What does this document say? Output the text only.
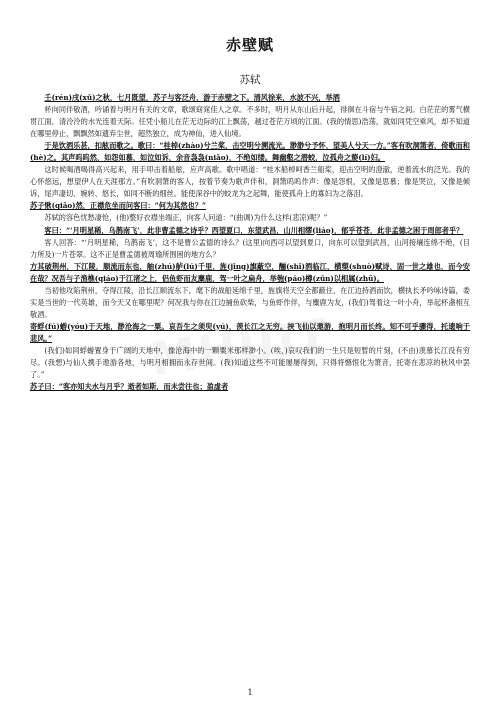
赤壁赋
苏轼

壬(rén)戌(xū)之秋，七月既望，苏子与客泛舟，游于赤壁之下。清风徐来，水波不兴，举酒

杯向同伴敬酒，吟诵着与明月有关的文章，歌颂窈窕佳人之章。不多时，明月从东山后升起，徘徊在斗宿与牛宿之间。白茫茫的雾气横贯江面，清泠泠的水光连着天际。任凭小船儿在茫无边际的江上飘荡，越过苍茫万顷的江面。(我的情思)浩荡，就如同凭空乘风，却不知道在哪里停止，飘飘然如遗弃尘世，超然独立，成为神仙，进入仙境。

于是饮酒乐甚，扣舷而歌之。歌曰：“桂棹(zhào)兮兰桨，击空明兮溯流光。渺渺兮予怀，望美人兮天一方。”客有吹洞箫者，倚歌而和(hè)之。其声呜呜然，如怨如慕，如泣如诉，余音袅袅(niǎo)，不绝如缕。舞幽壑之潜蛟，泣孤舟之嫠(lí)妇。

这时候喝酒喝得高兴起来，用手叩击着船舷，应声高歌。歌中唱道：“桂木船棹呵香兰船桨，迎击空明的澄澈，逆着流水的泛光。我的心怀悠远，想望伊人在天涯那方。”有吹洞箫的客人，按着节奏为歌声伴和，洞箫呜呜作声：像是怨恨，又像是思慕；像是哭泣，又像是倾诉，尾声凄切、婉转、悠长，如同不断的细丝。能使深谷中的蛟龙为之起舞，能使孤舟上的寡妇为之落泪。

苏子愀(qiǎo)然，正襟危坐而问客曰：“何为其然也？”

苏轼的容色忧愁凄怆，(他)整好衣襟坐端正，向客人问道：“(曲调)为什么这样(悲凉)呢？”

客曰：“‘月明星稀，乌鹊南飞’，此非曹孟德之诗乎？西望夏口，东望武昌，山川相缪(liáo)，郁乎苍苍，此非孟德之困于周郎者乎？

客人回答：“‘月明星稀，乌鹊南飞’，这不是曹公孟德的诗么？(这里)向西可以望到夏口，向东可以望到武昌，山河接壤连绵不绝，(目力所及)一片苍翠。这不正是曹孟德被周瑜所围困的地方么？

方其破荆州，下江陵，顺流而东也，舳(zhú)舻(lú)千里，旌(jīng)旗蔽空，酾(shī)酒临江，横槊(shuò)赋诗，固一世之雄也，而今安在哉？况吾与子渔樵(qiáo)于江渚之上，侣鱼虾而友麋鹿，驾一叶之扁舟，举匏(páo)樽(zūn)以相属(zhǔ)。

当初他攻陷荆州，夺得江陵，沿长江顺流东下，麾下的战船延绵千里，旌旗将天空全都蔽住，在江边持酒而饮，横执长矛吟咏诗篇，委实是当世的一代英雄，而今天又在哪里呢？何况我与你在江边捕鱼砍柴，与鱼虾作伴，与麋鹿为友，(我们)驾着这一叶小舟，举起杯盏相互敬酒。

寄蜉(fú)蝣(yóu)于天地，渺沧海之一粟。哀吾生之须臾(yú)，羡长江之无穷。挟飞仙以遨游，抱明月而长终。知不可乎骤得，托遗响于悲风。”

(我们)如同蜉蝣置身于广阔的天地中，像沧海中的一颗粟米那样渺小。(唉，)哀叹我们的一生只是短暂的片刻，(不由)羡慕长江没有穷尽。(我想)与仙人携手遨游各地，与明月相拥而永存世间。(我)知道这些不可能屡屡得到，只得将憾恨化为箫音，托寄在悲凉的秋风中罢了。”

苏子曰：“客亦知夫水与月乎？逝者如斯，而未尝往也；盈虚者

1
